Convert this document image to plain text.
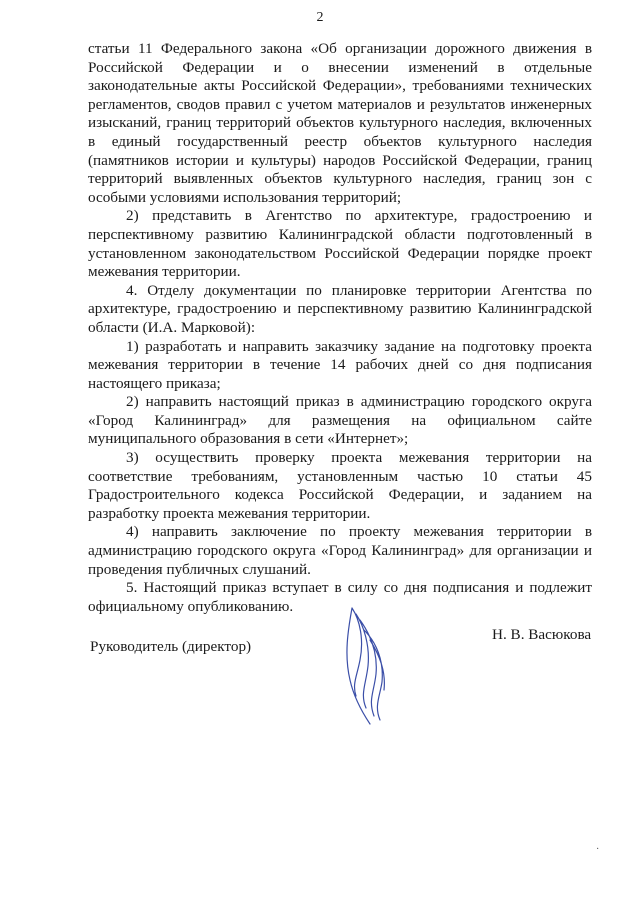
2

статьи 11 Федерального закона «Об организации дорожного движения в Российской Федерации и о внесении изменений в отдельные законодательные акты Российской Федерации», требованиями технических регламентов, сводов правил с учетом материалов и результатов инженерных изысканий, границ территорий объектов культурного наследия, включенных в единый государственный реестр объектов культурного наследия (памятников истории и культуры) народов Российской Федерации, границ территорий выявленных объектов культурного наследия, границ зон с особыми условиями использования территорий;

2) представить в Агентство по архитектуре, градостроению и перспективному развитию Калининградской области подготовленный в установленном законодательством Российской Федерации порядке проект межевания территории.

4. Отделу документации по планировке территории Агентства по архитектуре, градостроению и перспективному развитию Калининградской области (И.А. Марковой):

1) разработать и направить заказчику задание на подготовку проекта межевания территории в течение 14 рабочих дней со дня подписания настоящего приказа;

2) направить настоящий приказ в администрацию городского округа «Город Калининград» для размещения на официальном сайте муниципального образования в сети «Интернет»;

3) осуществить проверку проекта межевания территории на соответствие требованиям, установленным частью 10 статьи 45 Градостроительного кодекса Российской Федерации, и заданием на разработку проекта межевания территории.

4) направить заключение по проекту межевания территории в администрацию городского округа «Город Калининград» для организации и проведения публичных слушаний.

5. Настоящий приказ вступает в силу со дня подписания и подлежит официальному опубликованию.

Руководитель (директор)
Н. В. Васюкова
·
